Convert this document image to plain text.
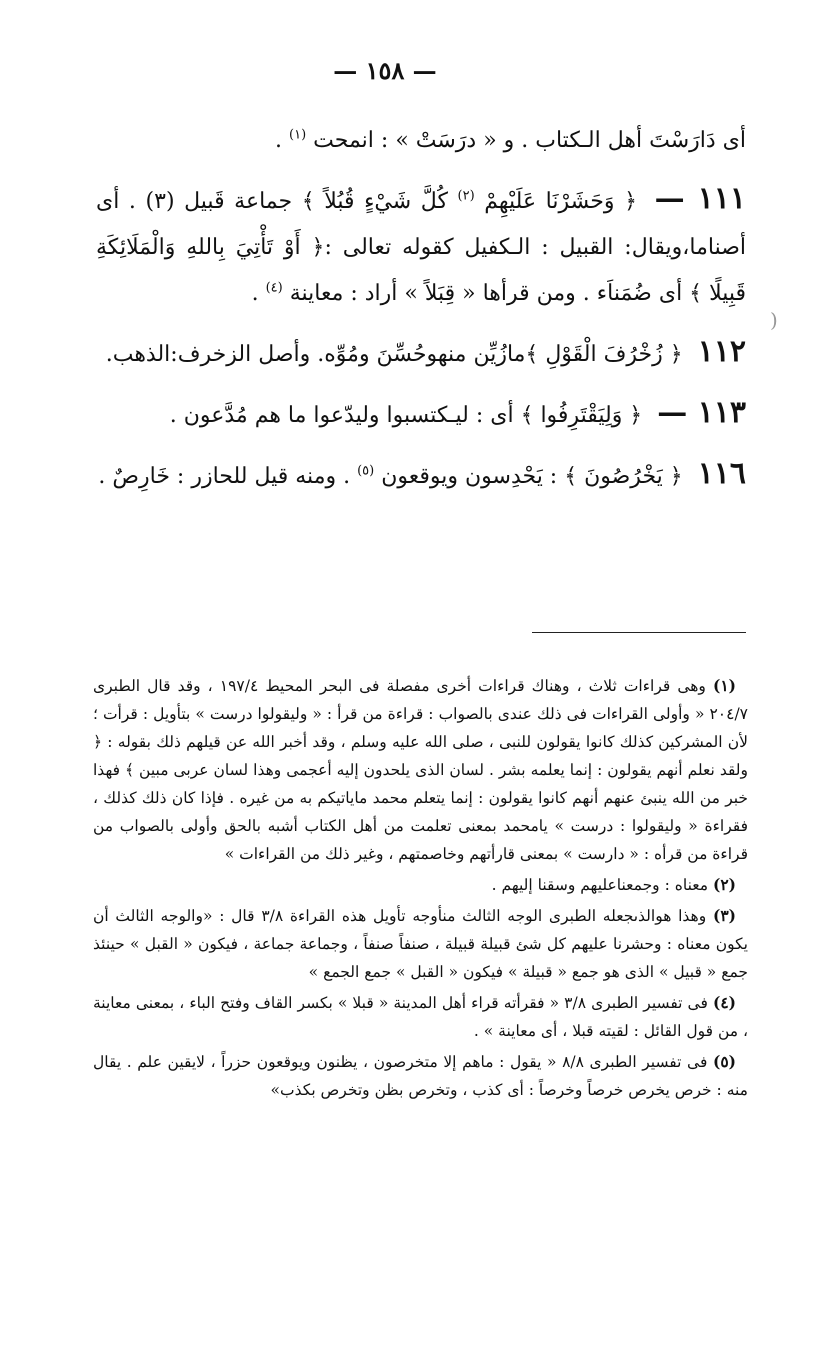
— ١٥٨ —
(

أى دَارَسْتَ أهل الـكتاب . و « درَسَتْ » : انمحت $^{(١)}$ .

١١١ — ﴿ وَحَشَرْنَا عَلَيْهِمْ $^{(٢)}$ كُلَّ شَيْءٍ قُبُلاً ﴾ جماعة قَبيل (٣) . أى أصناما،ويقال: القبيل : الـكفيل كقوله تعالى :﴿ أَوْ تَأْتِيَ بِاللهِ وَالْمَلَائِكَةِ قَبِيلًا ﴾ أى ضُمَناَء . ومن قرأها « قِبَلاً » أراد : معاينة $^{(٤)}$ .

١١٢ ﴿ زُخْرُفَ الْقَوْلِ ﴾مازُيِّن منهوحُسِّنَ ومُوِّه. وأصل الزخرف:الذهب.

١١٣ — ﴿ وَلِيَقْتَرِفُوا ﴾ أى : ليـكتسبوا وليدّعوا ما هم مُدَّعون .

١١٦ ﴿ يَخْرُصُونَ ﴾ : يَحْدِسون ويوقعون $^{(٥)}$ . ومنه قيل للحازر : خَارِصٌ .

(١) وهى قراءات ثلاث ، وهناك قراءات أخرى مفصلة فى البحر المحيط ١٩٧/٤ ، وقد قال الطبرى ٢٠٤/٧ « وأولى القراءات فى ذلك عندى بالصواب : قراءة من قرأ : « وليقولوا درست » بتأويل : قرأت ؛ لأن المشركين كذلك كانوا يقولون للنبى ، صلى الله عليه وسلم ، وقد أخبر الله عن قيلهم ذلك بقوله : ﴿ ولقد نعلم أنهم يقولون : إنما يعلمه بشر . لسان الذى يلحدون إليه أعجمى وهذا لسان عربى مبين ﴾ فهذا خبر من الله ينبئ عنهم أنهم كانوا يقولون : إنما يتعلم محمد ماياتيكم به من غيره . فإذا كان ذلك كذلك ، فقراءة « وليقولوا : درست » يامحمد بمعنى تعلمت من أهل الكتاب أشبه بالحق وأولى بالصواب من قراءة من قرأه : « دارست » بمعنى قارأتهم وخاصمتهم ، وغير ذلك من القراءات »

(٢) معناه : وجمعناعليهم وسقنا إليهم .

(٣) وهذا هوالذىجعله الطبرى الوجه الثالث منأوجه تأويل هذه القراءة ٣/٨ قال : «والوجه الثالث أن يكون معناه : وحشرنا عليهم كل شئ قبيلة قبيلة ، صنفاً صنفاً ، وجماعة جماعة ، فيكون « القبل » حينئذ جمع « قبيل » الذى هو جمع « قبيلة » فيكون « القبل » جمع الجمع »

(٤) فى تفسير الطبرى ٣/٨ « فقرأته قراء أهل المدينة « قبلا » بكسر القاف وفتح الباء ، بمعنى معاينة ، من قول القائل : لقيته قبلا ، أى معاينة » .

(٥) فى تفسير الطبرى ٨/٨ « يقول : ماهم إلا متخرصون ، يظنون ويوقعون حزراً ، لايقين علم . يقال منه : خرص يخرص خرصاً وخرصاً : أى كذب ، وتخرص بظن وتخرص بكذب»
